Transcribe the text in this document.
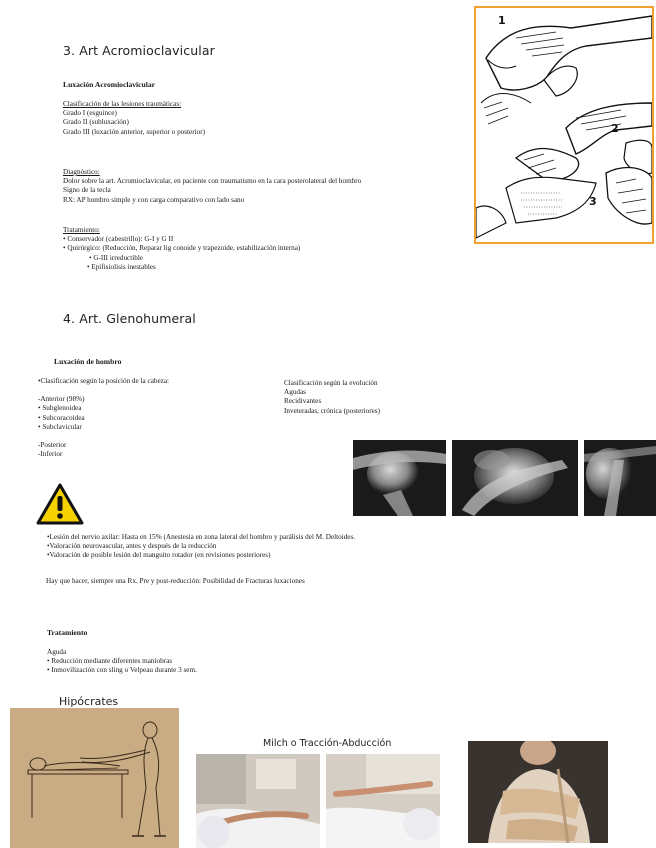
3. Art Acromioclavicular
Luxación Acromioclavicular
Clasificación de las lesiones traumáticas:
Grado I (esguince)
Grado II (subluxación)
Grado III (luxación anterior, superior o posterior)
Diagnóstico:
Dolor sobre la art. Acromioclavicular, en paciente con traumatismo en la cara posterolateral del hombro
Signo de la tecla
RX: AP hombro simple y con carga comparativo con lado sano
Tratamiento:
• Conservador (cabestrillo): G-I y G II
• Quirúrgico: (Reducción, Reparar lig conoide y trapezoide, estabilización interna)
• G-III irreductible
• Epifisiolisis inestables
1
2
3
4. Art. Glenohumeral
Luxación de hombro
•Clasificación según la posición de la cabeza:
-Anterior (98%)
• Subglenoidea
• Subcoracoidea
• Subclavicular
-Posterior
-Inferior
Clasificación según la evolución
Agudas
Recidivantes
Inveteradas, crónica (posteriores)
•Lesión del nervio axilar: Hasta en 15% (Anestesia en zona lateral del hombro y parálisis del M. Deltoides.
•Valoración neurovascular, antes y después de la reducción
•Valoración de posible lesión del manguito rotador (en revisiones posteriores)
Hay que hacer, siempre una Rx. Pre y post-reducción: Posibilidad de Fracturas luxaciones
Tratamiento
Aguda
• Reducción mediante diferentes maniobras
• Inmovilización con sling o Velpeau durante 3 sem.
Hipócrates
Milch o Tracción-Abducción
